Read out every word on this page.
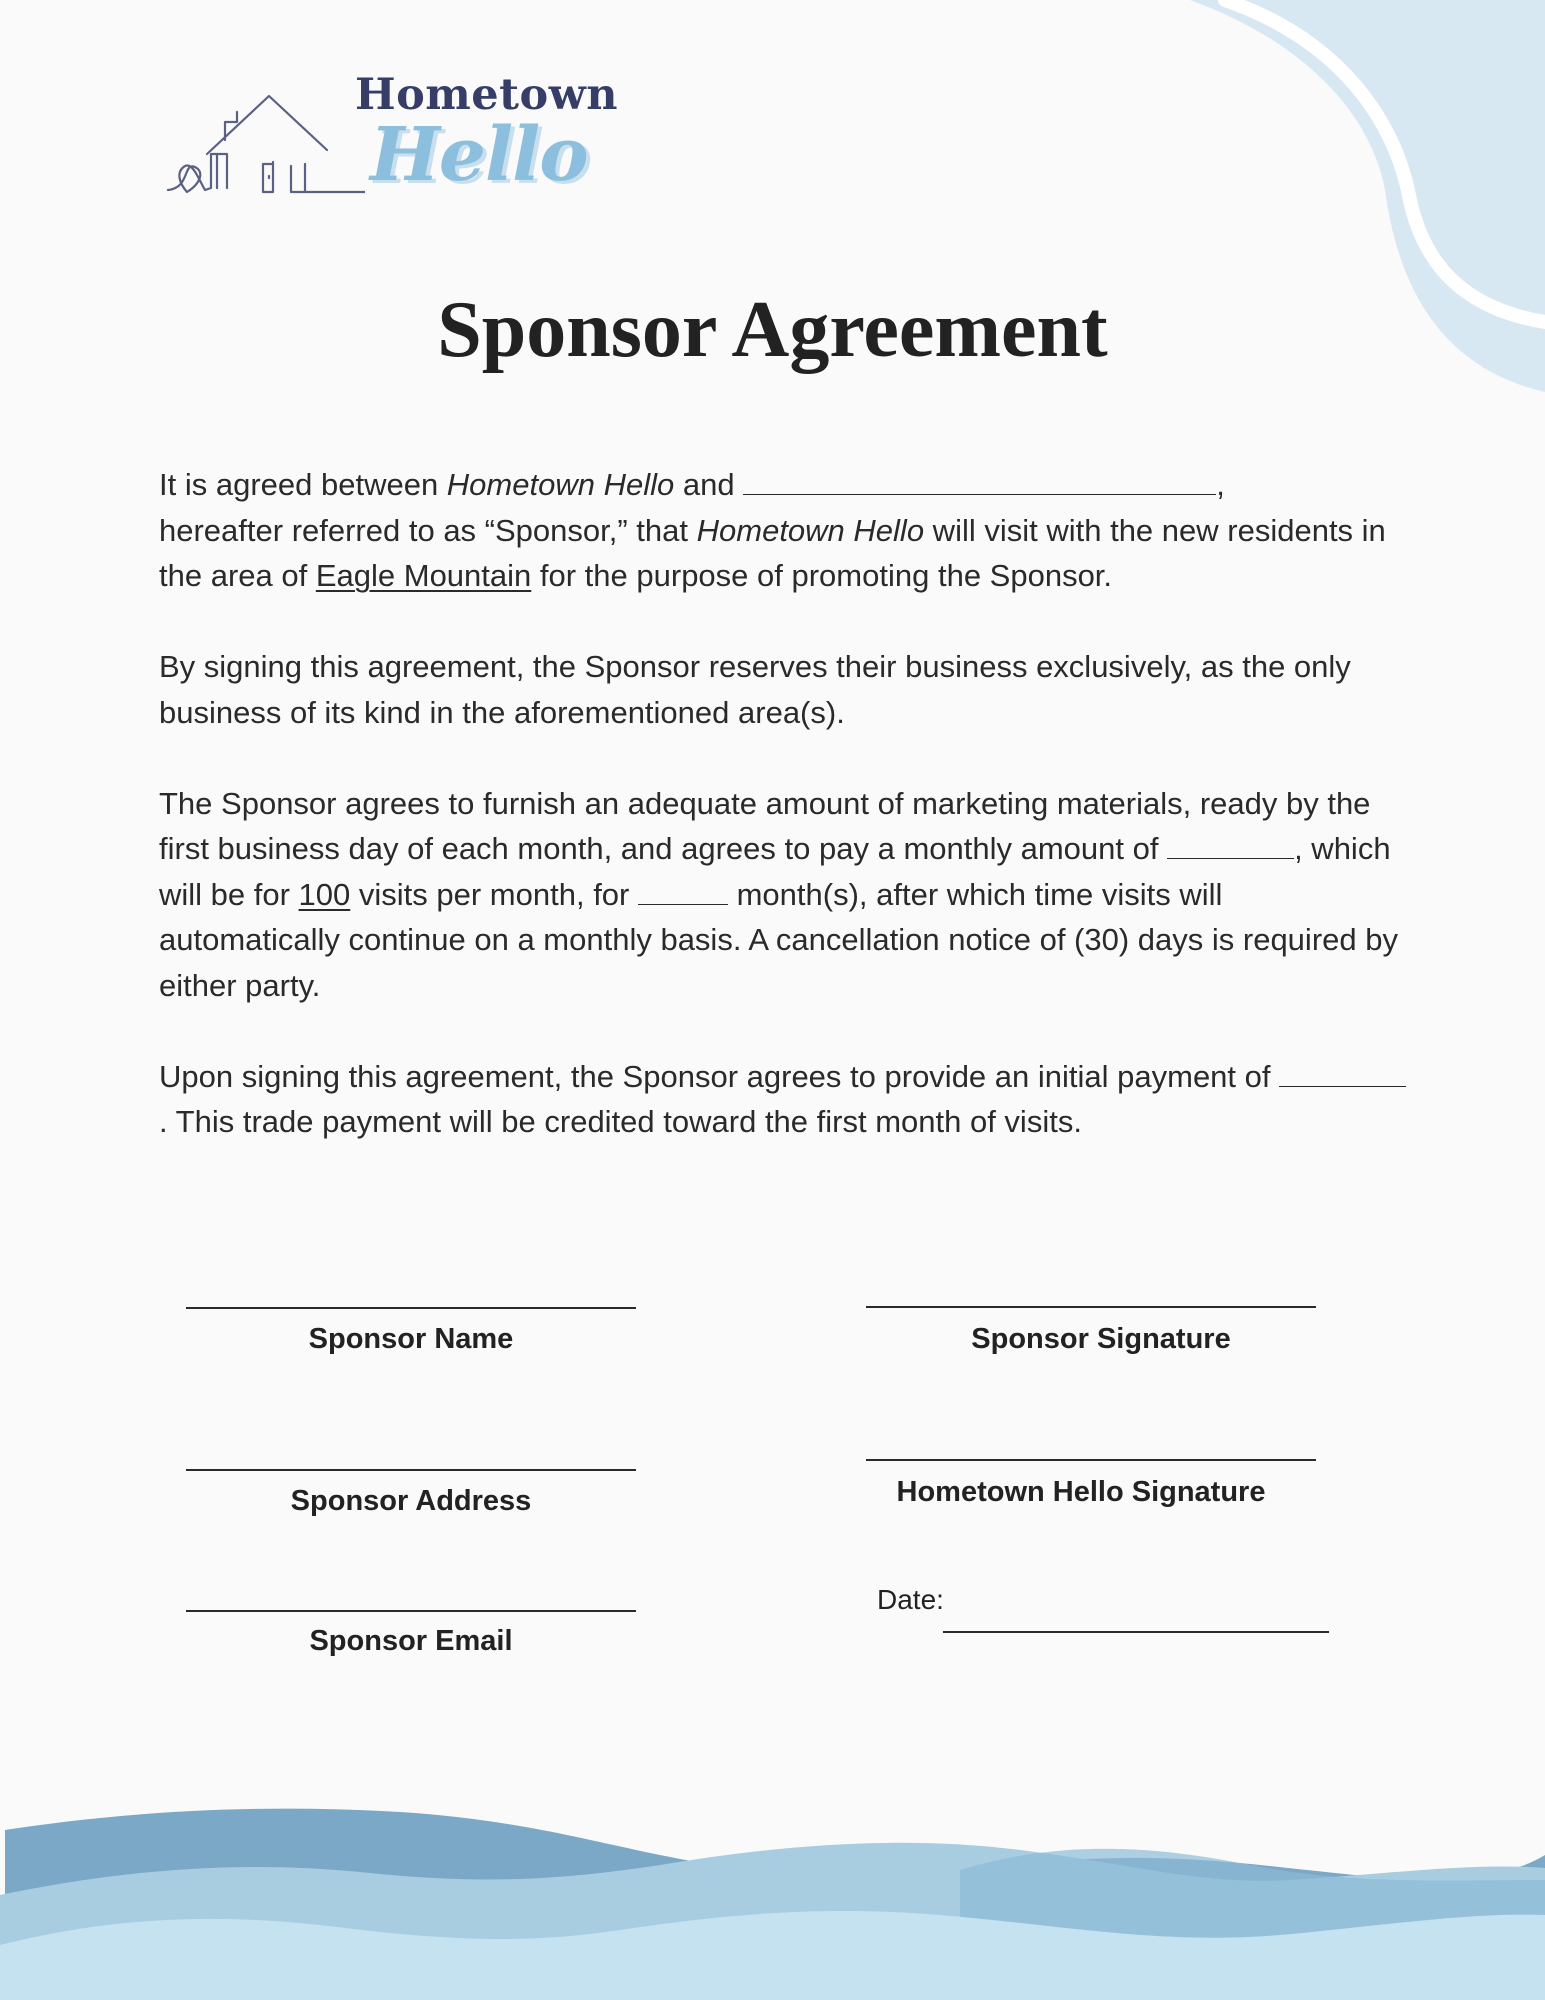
Hometown
Hello
Sponsor Agreement

It is agreed between Hometown Hello and	,
hereafter referred to as “Sponsor,” that Hometown Hello will visit with the new residents in the area of Eagle Mountain for the purpose of promoting the Sponsor.

By signing this agreement, the Sponsor reserves their business exclusively, as the only business of its kind in the aforementioned area(s).

The Sponsor agrees to furnish an adequate amount of marketing materials, ready by the first business day of each month, and agrees to pay a monthly amount of	, which will be for 100 visits per month, for	month(s), after which time visits will automatically continue on a monthly basis. A cancellation notice of (30) days is required by either party.

Upon signing this agreement, the Sponsor agrees to provide an initial payment of . This trade payment will be credited toward the first month of visits.

Sponsor Name
Sponsor Address
Sponsor Email
Sponsor Signature
Hometown Hello Signature
Date:
